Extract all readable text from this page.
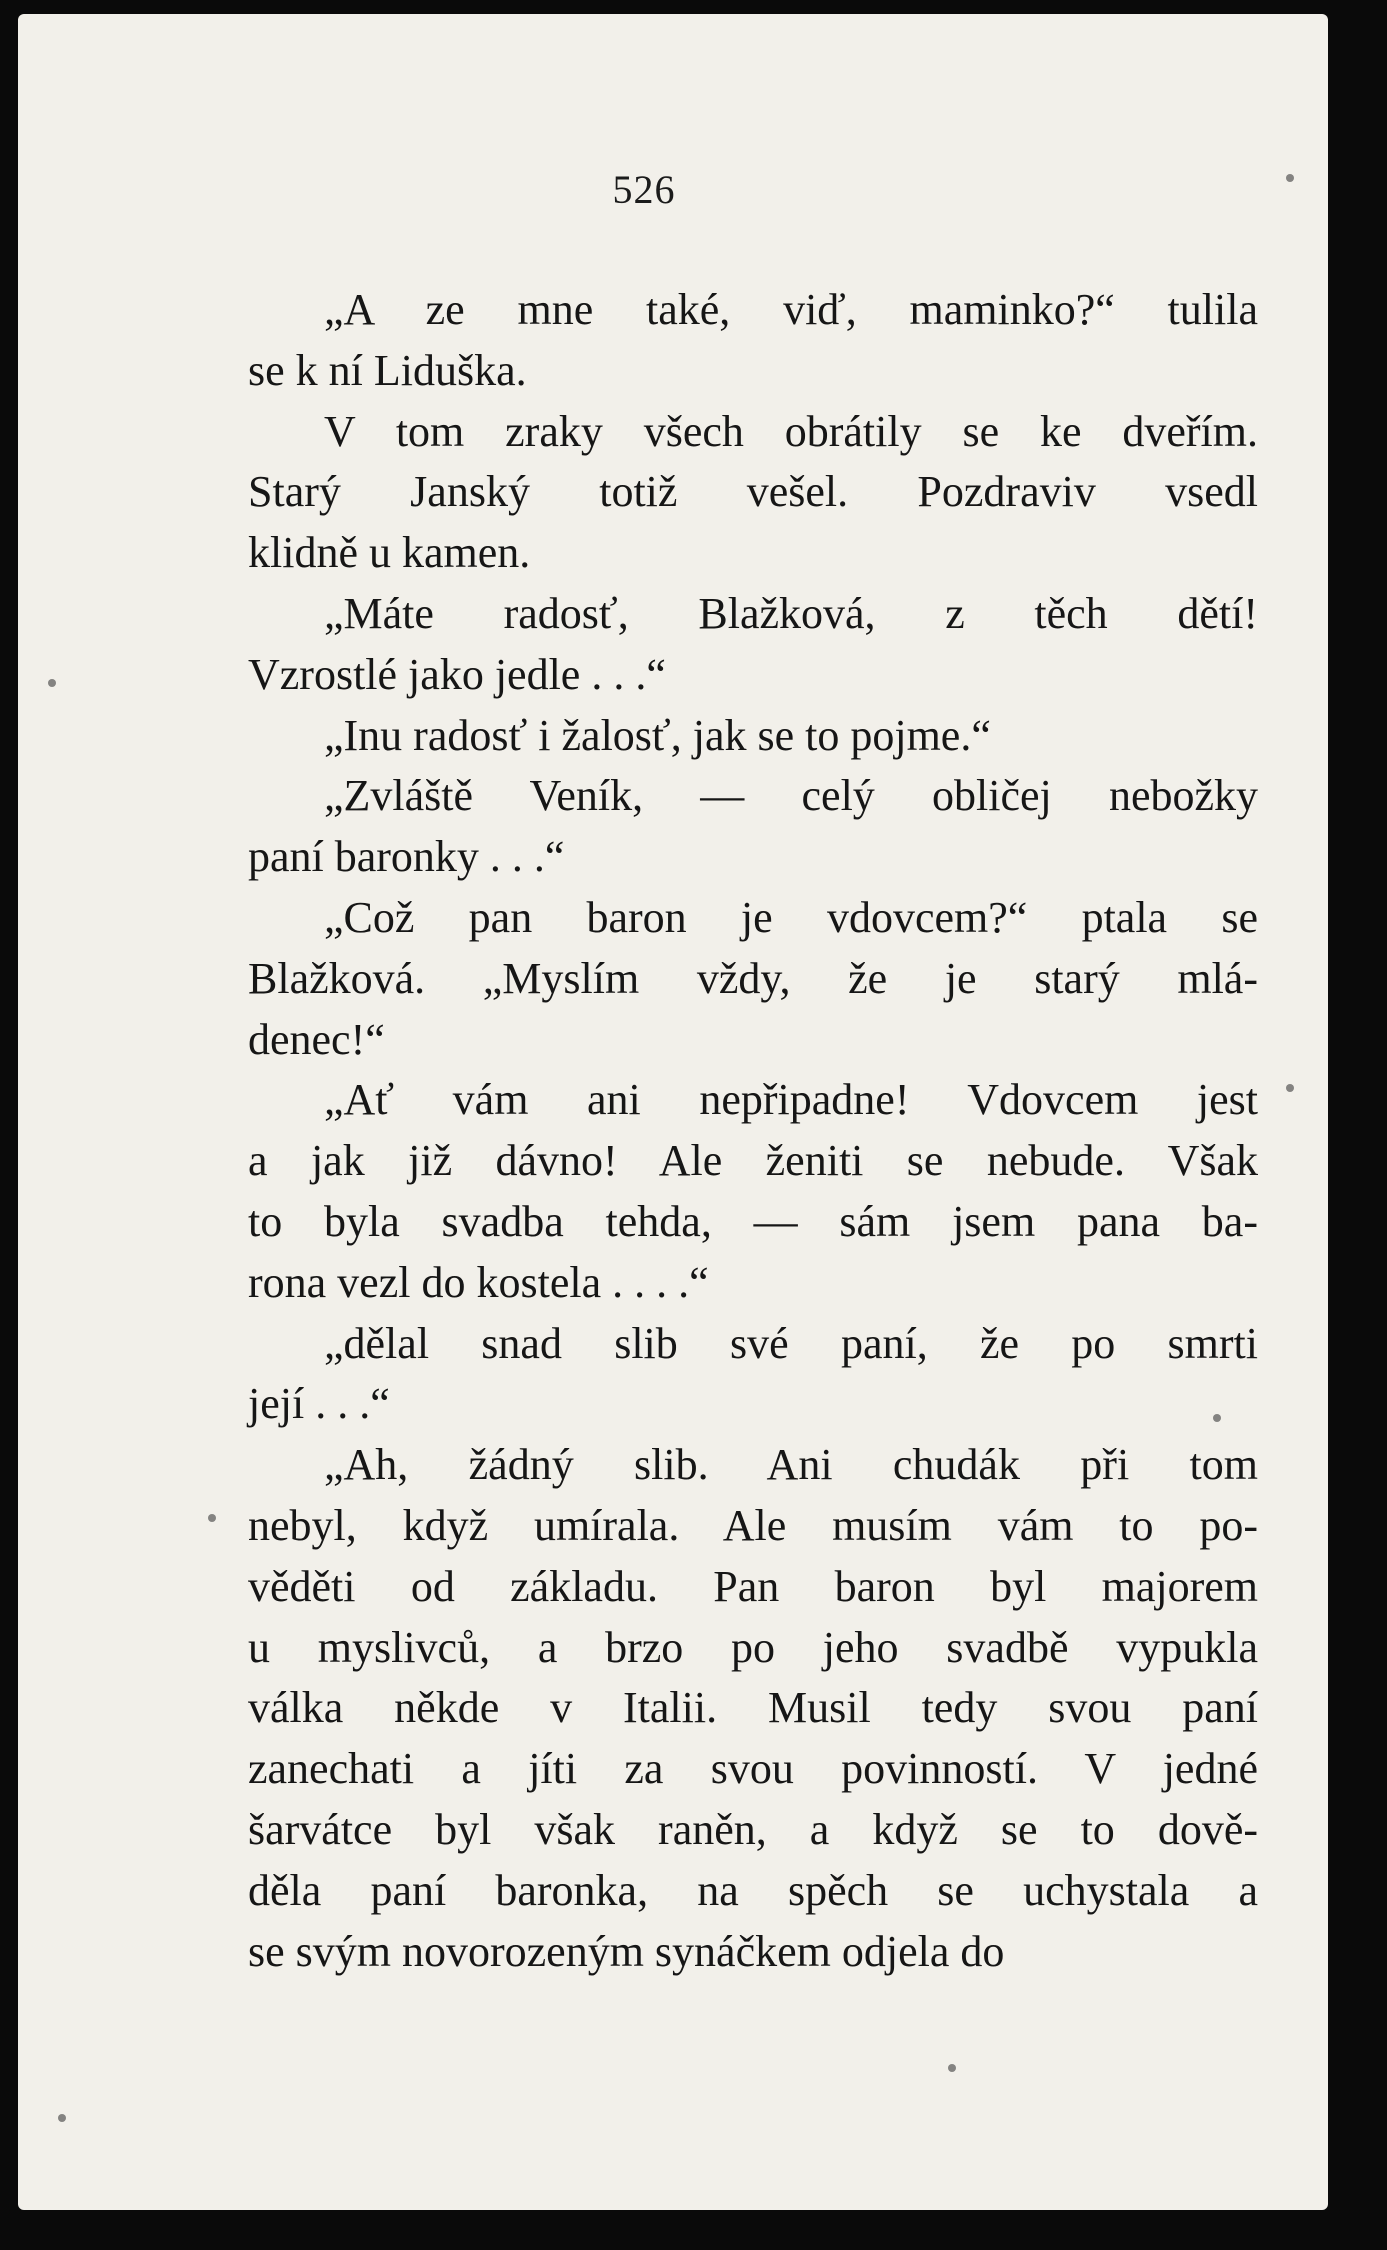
526
„A ze mne také, viď, maminko?“ tulila
se k ní Liduška.
V tom zraky všech obrátily se ke dveřím.
Starý Janský totiž vešel. Pozdraviv vsedl
klidně u kamen.
„Máte radosť, Blažková, z těch dětí!
Vzrostlé jako jedle . . .“
„Inu radosť i žalosť, jak se to pojme.“
„Zvláště Veník, — celý obličej nebožky
paní baronky . . .“
„Což pan baron je vdovcem?“ ptala se
Blažková. „Myslím vždy, že je starý mlá-
denec!“
„Ať vám ani nepřipadne! Vdovcem jest
a jak již dávno! Ale ženiti se nebude. Však
to byla svadba tehda, — sám jsem pana ba-
rona vezl do kostela . . . .“
„dělal snad slib své paní, že po smrti
její . . .“
„Ah, žádný slib. Ani chudák při tom
nebyl, když umírala. Ale musím vám to po-
věděti od základu. Pan baron byl majorem
u myslivců, a brzo po jeho svadbě vypukla
válka někde v Italii. Musil tedy svou paní
zanechati a jíti za svou povinností. V jedné
šarvátce byl však raněn, a když se to dově-
děla paní baronka, na spěch se uchystala a
se svým novorozeným synáčkem odjela do
